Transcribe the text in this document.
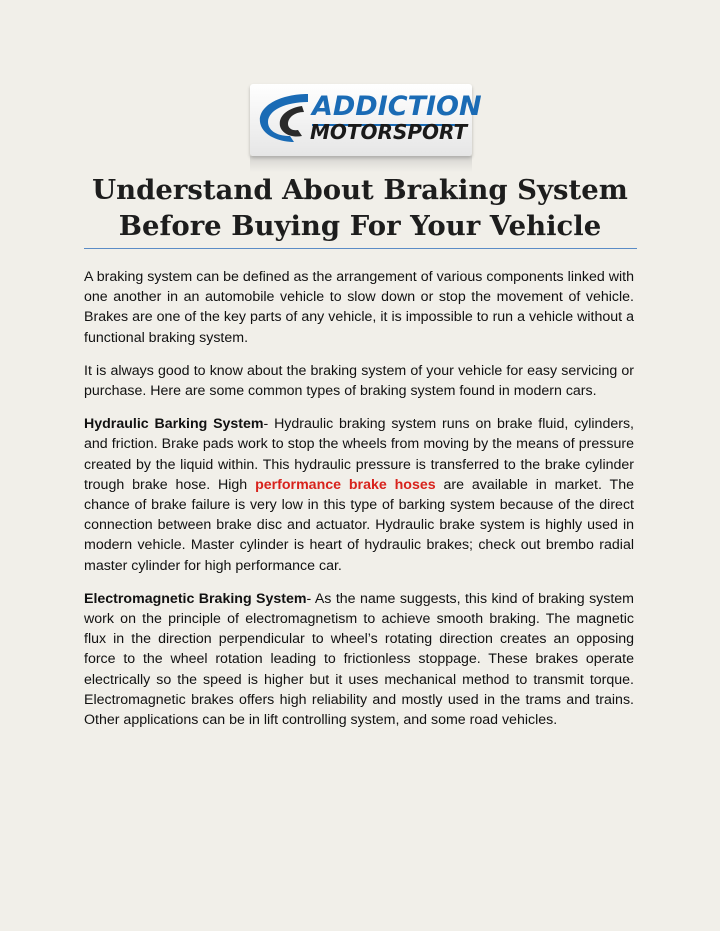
ADDICTION
MOTORSPORT
Understand About Braking System
Before Buying For Your Vehicle

A braking system can be defined as the arrangement of various components linked with one another in an automobile vehicle to slow down or stop the movement of vehicle. Brakes are one of the key parts of any vehicle, it is impossible to run a vehicle without a functional braking system.

It is always good to know about the braking system of your vehicle for easy servicing or purchase. Here are some common types of braking system found in modern cars.

Hydraulic Barking System- Hydraulic braking system runs on brake fluid, cylinders, and friction. Brake pads work to stop the wheels from moving by the means of pressure created by the liquid within. This hydraulic pressure is transferred to the brake cylinder trough brake hose. High performance brake hoses are available in market. The chance of brake failure is very low in this type of barking system because of the direct connection between brake disc and actuator. Hydraulic brake system is highly used in modern vehicle. Master cylinder is heart of hydraulic brakes; check out brembo radial master cylinder for high performance car.

Electromagnetic Braking System- As the name suggests, this kind of braking system work on the principle of electromagnetism to achieve smooth braking. The magnetic flux in the direction perpendicular to wheel’s rotating direction creates an opposing force to the wheel rotation leading to frictionless stoppage. These brakes operate electrically so the speed is higher but it uses mechanical method to transmit torque. Electromagnetic brakes offers high reliability and mostly used in the trams and trains. Other applications can be in lift controlling system, and some road vehicles.
